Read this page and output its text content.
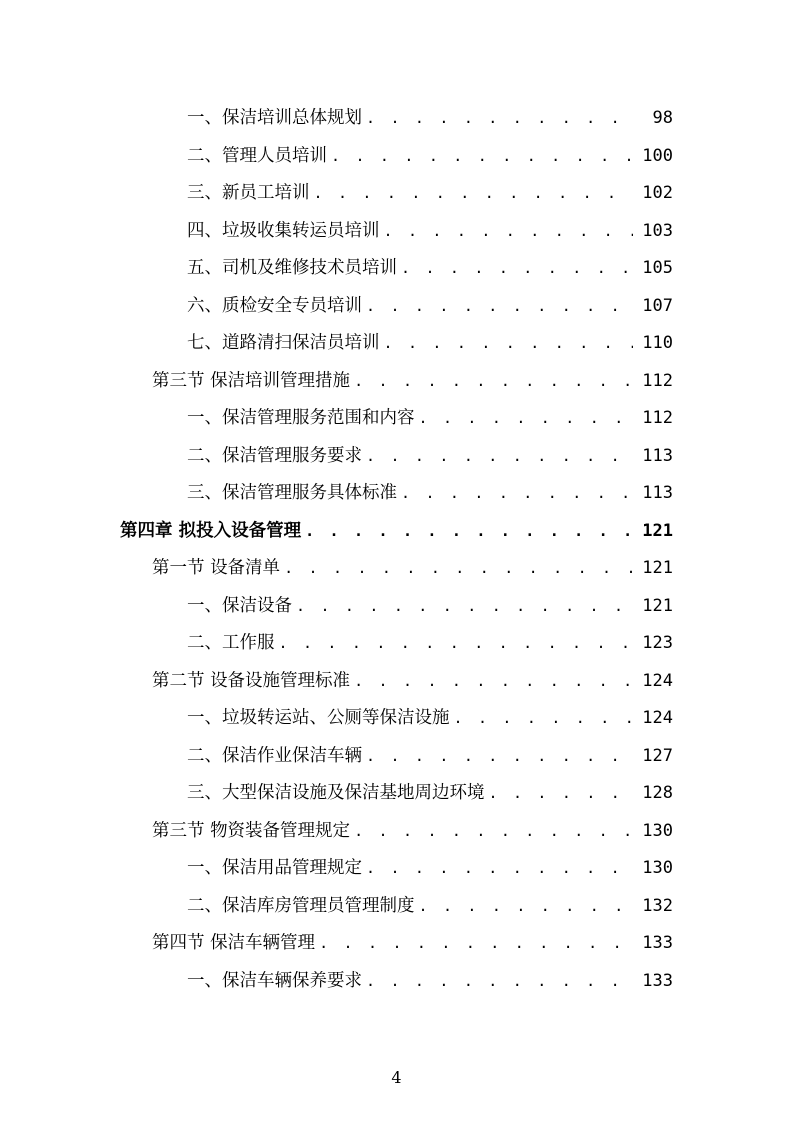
一、保洁培训总体规划 . . .	98
二、管理人员培训 . . .	100
三、新员工培训 . . .	102
四、垃圾收集转运员培训 . . .	103
五、司机及维修技术员培训 . . .	105
六、质检安全专员培训 . . .	107
七、道路清扫保洁员培训 . . .	110
第三节 保洁培训管理措施 . . .	112
一、保洁管理服务范围和内容 . . .	112
二、保洁管理服务要求 . . .	113
三、保洁管理服务具体标准 . . .	113
第四章 拟投入设备管理 . . .	121
第一节 设备清单 . . .	121
一、保洁设备 . . .	121
二、工作服 . . .	123
第二节 设备设施管理标准 . . .	124
一、垃圾转运站、公厕等保洁设施 . . .	124
二、保洁作业保洁车辆 . . .	127
三、大型保洁设施及保洁基地周边环境 . . .	128
第三节 物资装备管理规定 . . .	130
一、保洁用品管理规定 . . .	130
二、保洁库房管理员管理制度 . . .	132
第四节 保洁车辆管理 . . .	133
一、保洁车辆保养要求 . . .	133
4
